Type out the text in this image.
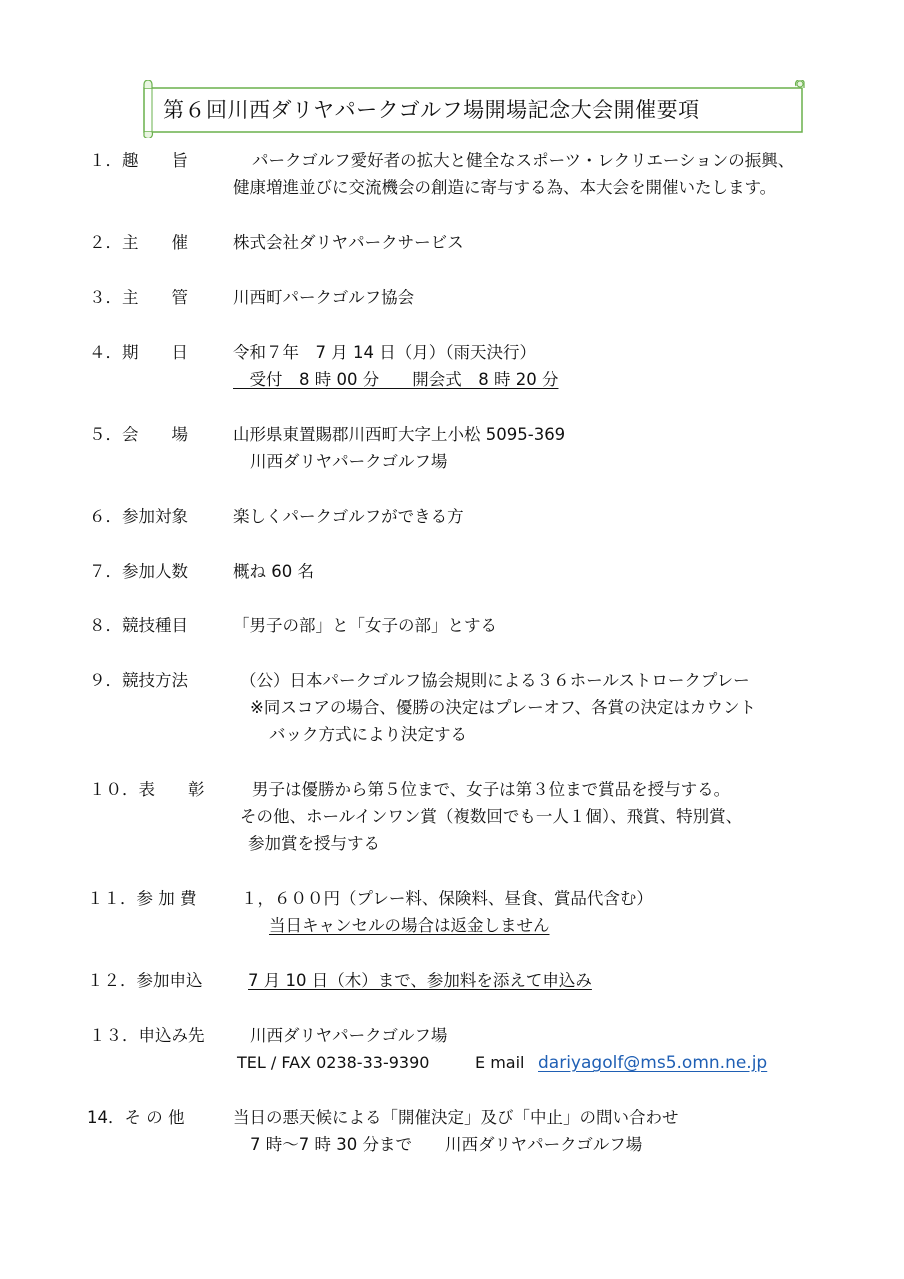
第６回川西ダリヤパークゴルフ場開場記念大会開催要項
１．趣　　旨	パークゴルフ愛好者の拡大と健全なスポーツ・レクリエーションの振興、
健康増進並びに交流機会の創造に寄与する為、本大会を開催いたします。
２．主　　催	株式会社ダリヤパークサービス
３．主　　管	川西町パークゴルフ協会
４．期　　日	令和７年　7 月 14 日（月）（雨天決行）
　受付　8 時 00 分　　開会式　8 時 20 分
５．会　　場	山形県東置賜郡川西町大字上小松 5095-369
川西ダリヤパークゴルフ場
６．参加対象	楽しくパークゴルフができる方
７．参加人数	概ね 60 名
８．競技種目	「男子の部」と「女子の部」とする
９．競技方法	（公）日本パークゴルフ協会規則による３６ホールストロークプレー
※同スコアの場合、優勝の決定はプレーオフ、各賞の決定はカウント
バック方式により決定する
１０．表　　彰	男子は優勝から第５位まで、女子は第３位まで賞品を授与する。
その他、ホールインワン賞（複数回でも一人１個）、飛賞、特別賞、
参加賞を授与する
１１．参 加 費	１，６００円（プレー料、保険料、昼食、賞品代含む）
当日キャンセルの場合は返金しません
１２．参加申込	7 月 10 日（木）まで、参加料を添えて申込み
１３．申込み先	川西ダリヤパークゴルフ場
TEL / FAX 0238-33-9390	E mail dariyagolf@ms5.omn.ne.jp
14．そ の 他	当日の悪天候による「開催決定」及び「中止」の問い合わせ
7 時～7 時 30 分まで　　川西ダリヤパークゴルフ場
